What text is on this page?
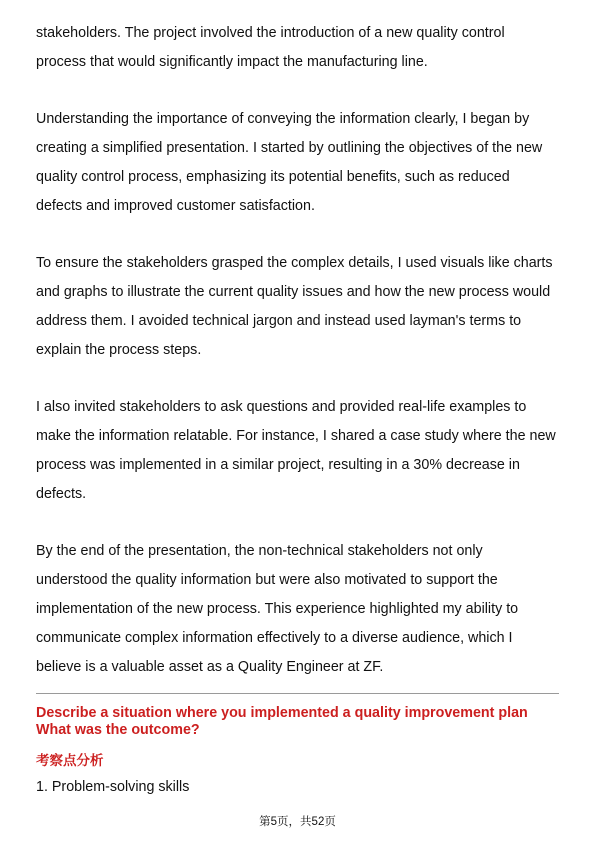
stakeholders. The project involved the introduction of a new quality control
process that would significantly impact the manufacturing line.

Understanding the importance of conveying the information clearly, I began by
creating a simplified presentation. I started by outlining the objectives of the new
quality control process, emphasizing its potential benefits, such as reduced
defects and improved customer satisfaction.

To ensure the stakeholders grasped the complex details, I used visuals like charts
and graphs to illustrate the current quality issues and how the new process would
address them. I avoided technical jargon and instead used layman's terms to
explain the process steps.

I also invited stakeholders to ask questions and provided real-life examples to
make the information relatable. For instance, I shared a case study where the new
process was implemented in a similar project, resulting in a 30% decrease in
defects.

By the end of the presentation, the non-technical stakeholders not only
understood the quality information but were also motivated to support the
implementation of the new process. This experience highlighted my ability to
communicate complex information effectively to a diverse audience, which I
believe is a valuable asset as a Quality Engineer at ZF.

Describe a situation where you implemented a quality improvement plan
What was the outcome?
考察点分析
1. Problem-solving skills
第5页，共52页
